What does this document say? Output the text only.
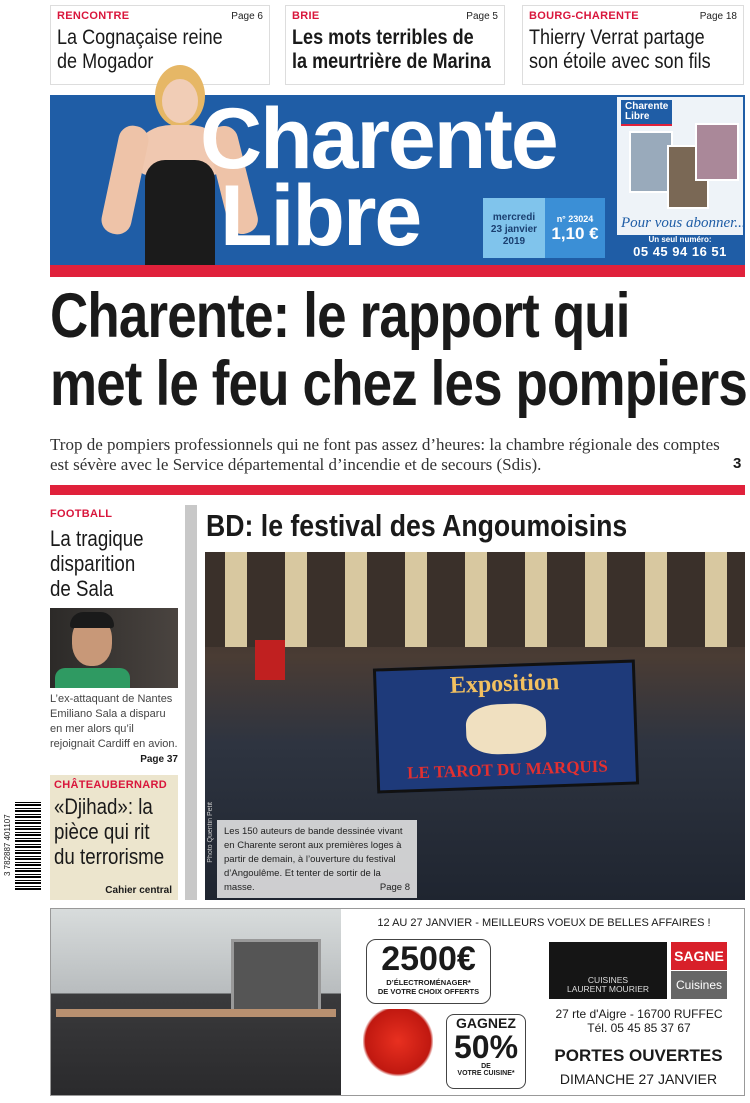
RENCONTRE	Page 6
La Cognaçaise reine
de Mogador
BRIE	Page 5
Les mots terribles de
la meurtrière de Marina
BOURG-CHARENTE	Page 18
Thierry Verrat partage
son étoile avec son fils
Charente
Libre	mercredi
23 janvier
2019
n° 23024
1,10 €
Charente
Libre
Pour vous abonner...
Un seul numéro:
05 45 94 16 51
Charente: le rapport qui
met le feu chez les pompiers
Trop de pompiers professionnels qui ne font pas assez d’heures: la chambre régionale des comptes est sévère avec le Service départemental d’incendie et de secours (Sdis).	3
FOOTBALL
La tragique
disparition
de Sala
L’ex-attaquant de Nantes Emiliano Sala a disparu en mer alors qu’il rejoignait Cardiff en avion.
Page 37
CHÂTEAUBERNARD
«Djihad»: la
pièce qui rit
du terrorisme
Cahier central
3 782887 401107
BD: le festival des Angoumoisins
Exposition
LE TAROT DU MARQUIS
Les 150 auteurs de bande dessinée vivant en Charente seront aux premières loges à partir de demain, à l’ouverture du festival d’Angoulême. Et tenter de sortir de la masse.	Page 8
Photo Quentin Petit
12 AU 27 JANVIER - MEILLEURS VOEUX DE BELLES AFFAIRES !
2500€
D’ÉLECTROMÉNAGER*
DE VOTRE CHOIX OFFERTS
GAGNEZ
50%
DE
VOTRE CUISINE*
CUISINES
LAURENT MOURIER
SAGNE
Cuisines
27 rte d'Aigre - 16700 RUFFEC
Tél. 05 45 85 37 67
PORTES OUVERTES
DIMANCHE 27 JANVIER
